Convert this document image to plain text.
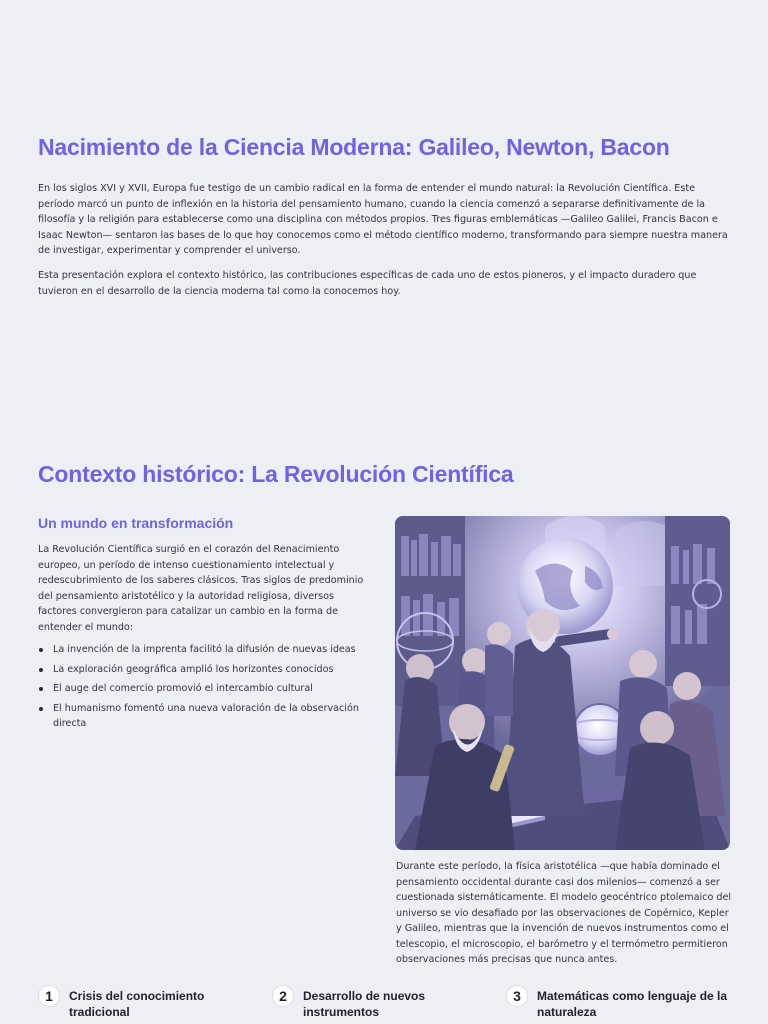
Nacimiento de la Ciencia Moderna: Galileo, Newton, Bacon

En los siglos XVI y XVII, Europa fue testigo de un cambio radical en la forma de entender el mundo natural: la Revolución Científica. Este período marcó un punto de inflexión en la historia del pensamiento humano, cuando la ciencia comenzó a separarse definitivamente de la filosofía y la religión para establecerse como una disciplina con métodos propios. Tres figuras emblemáticas —Galileo Galilei, Francis Bacon e Isaac Newton— sentaron las bases de lo que hoy conocemos como el método científico moderno, transformando para siempre nuestra manera de investigar, experimentar y comprender el universo.

Esta presentación explora el contexto histórico, las contribuciones específicas de cada uno de estos pioneros, y el impacto duradero que tuvieron en el desarrollo de la ciencia moderna tal como la conocemos hoy.

Contexto histórico: La Revolución Científica
Un mundo en transformación

La Revolución Científica surgió en el corazón del Renacimiento europeo, un período de intenso cuestionamiento intelectual y redescubrimiento de los saberes clásicos. Tras siglos de predominio del pensamiento aristotélico y la autoridad religiosa, diversos factores convergieron para catalizar un cambio en la forma de entender el mundo:

La invención de la imprenta facilitó la difusión de nuevas ideas
La exploración geográfica amplió los horizontes conocidos
El auge del comercio promovió el intercambio cultural
El humanismo fomentó una nueva valoración de la observación directa

Durante este período, la física aristotélica —que había dominado el pensamiento occidental durante casi dos milenios— comenzó a ser cuestionada sistemáticamente. El modelo geocéntrico ptolemaico del universo se vio desafiado por las observaciones de Copérnico, Kepler y Galileo, mientras que la invención de nuevos instrumentos como el telescopio, el microscopio, el barómetro y el termómetro permitieron observaciones más precisas que nunca antes.

1	Crisis del conocimiento tradicional
2	Desarrollo de nuevos instrumentos
3	Matemáticas como lenguaje de la naturaleza
